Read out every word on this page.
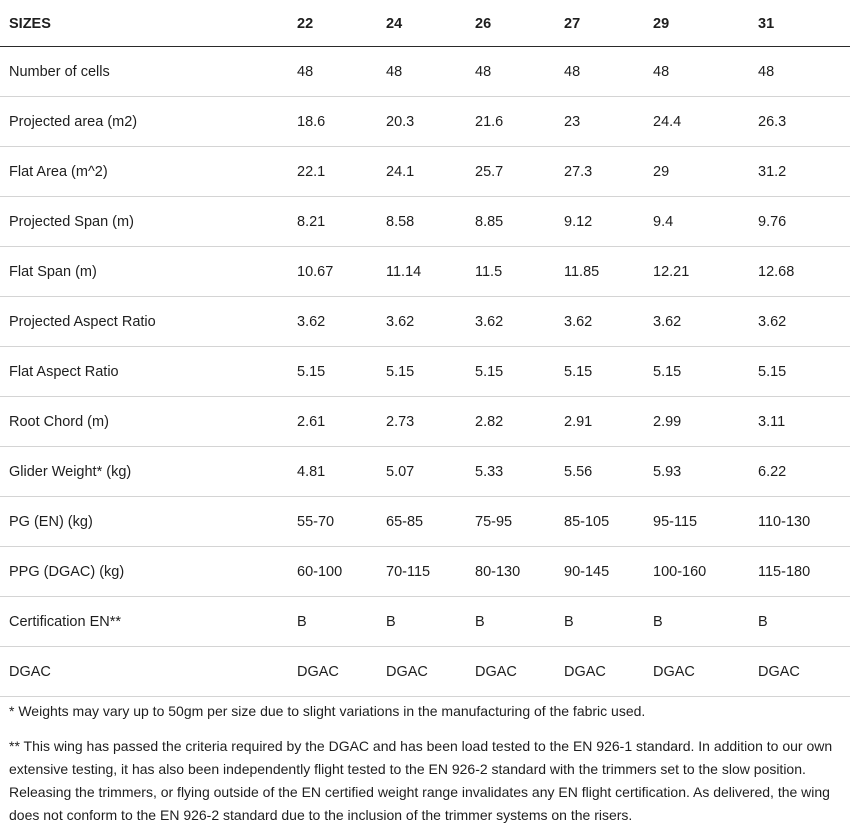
SIZES	22	24	26	27	29	31
Number of cells	48	48	48	48	48	48
Projected area (m2)	18.6	20.3	21.6	23	24.4	26.3
Flat Area (m^2)	22.1	24.1	25.7	27.3	29	31.2
Projected Span (m)	8.21	8.58	8.85	9.12	9.4	9.76
Flat Span (m)	10.67	11.14	11.5	11.85	12.21	12.68
Projected Aspect Ratio	3.62	3.62	3.62	3.62	3.62	3.62
Flat Aspect Ratio	5.15	5.15	5.15	5.15	5.15	5.15
Root Chord (m)	2.61	2.73	2.82	2.91	2.99	3.11
Glider Weight* (kg)	4.81	5.07	5.33	5.56	5.93	6.22
PG (EN) (kg)	55-70	65-85	75-95	85-105	95-115	110-130
PPG (DGAC) (kg)	60-100	70-115	80-130	90-145	100-160	115-180
Certification EN**	B	B	B	B	B	B
DGAC	DGAC	DGAC	DGAC	DGAC	DGAC	DGAC

* Weights may vary up to 50gm per size due to slight variations in the manufacturing of the fabric used.

** This wing has passed the criteria required by the DGAC and has been load tested to the EN 926-1 standard. In addition to our own extensive testing, it has also been independently flight tested to the EN 926-2 standard with the trimmers set to the slow position. Releasing the trimmers, or flying outside of the EN certified weight range invalidates any EN flight certification. As delivered, the wing does not conform to the EN 926-2 standard due to the inclusion of the trimmer systems on the risers.
